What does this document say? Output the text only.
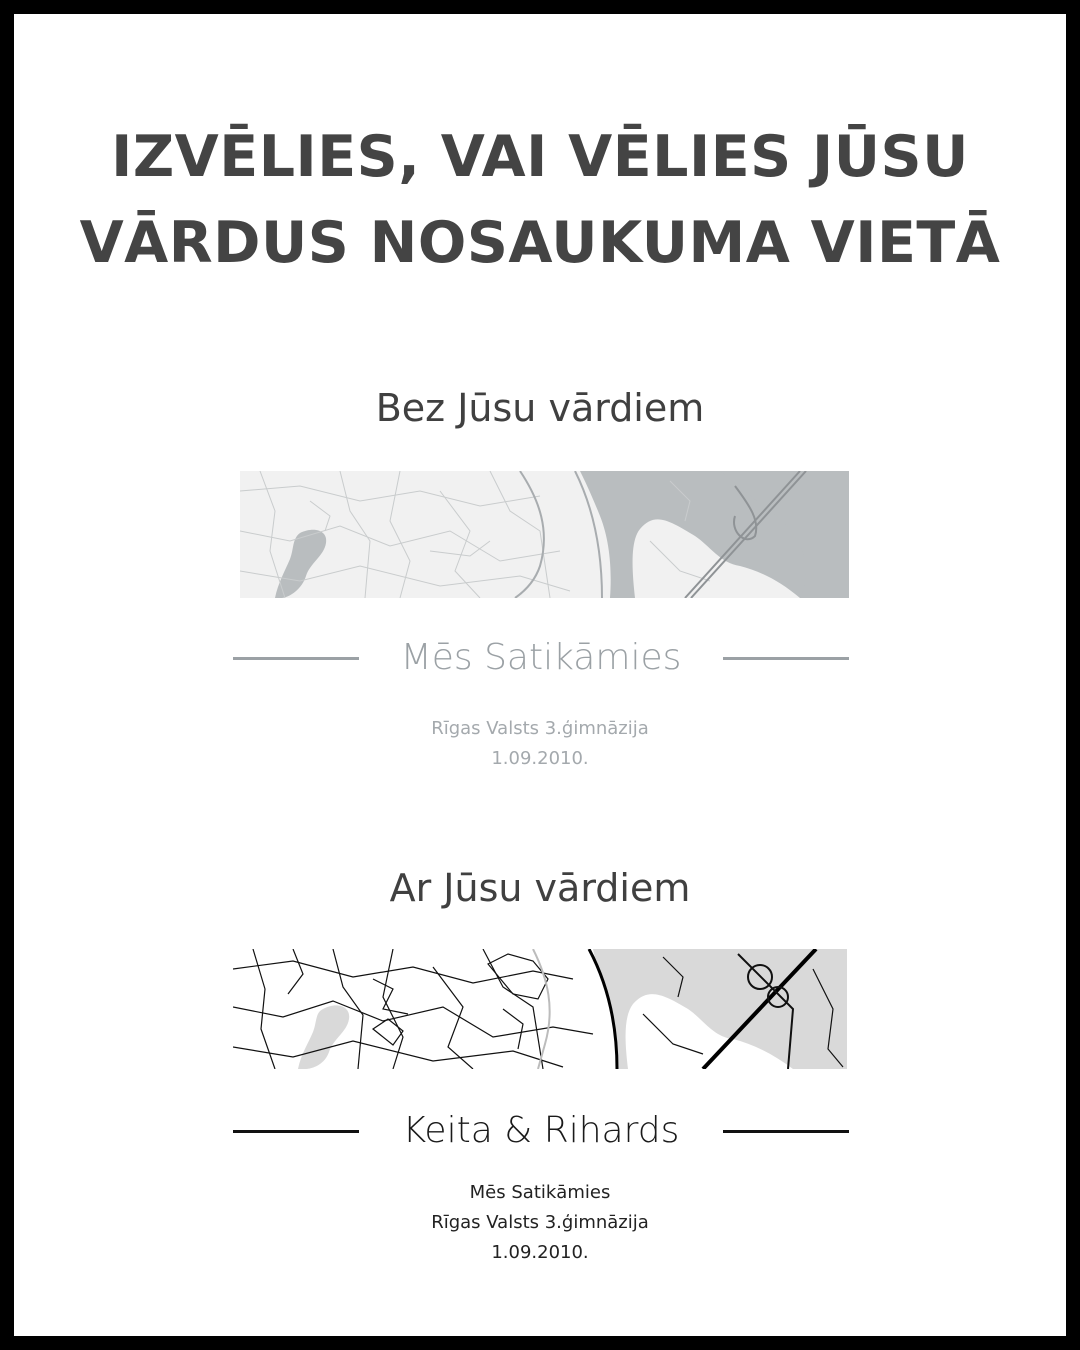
IZVĒLIES, VAI VĒLIES JŪSU
VĀRDUS NOSAUKUMA VIETĀ
Bez Jūsu vārdiem
Mēs Satikāmies
Rīgas Valsts 3.ģimnāzija
1.09.2010.
Ar Jūsu vārdiem
Keita & Rihards
Mēs Satikāmies
Rīgas Valsts 3.ģimnāzija
1.09.2010.
